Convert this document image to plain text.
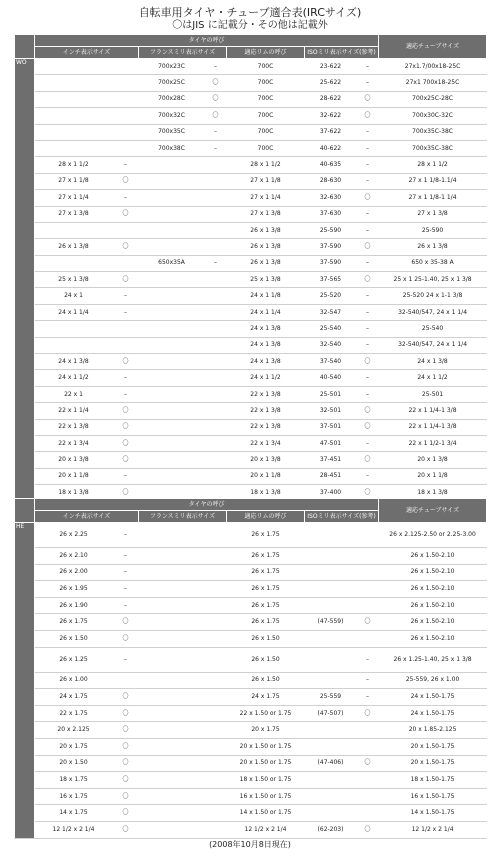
自転車用タイヤ・チューブ適合表(IRCサイズ)
〇はJIS に記載分・その他は記載外
	タイヤの呼び							適応チューブサイズ
	インチ表示サイズ		フランスミリ表示サイズ		適応リムの呼び	ISOミリ表示サイズ(参考)		
WO			700x23C	–	700C	23-622	–	27x1.7/00x18-25C
			700x25C	〇	700C	25-622	–	27x1 700x18-25C
			700x28C	〇	700C	28-622	〇	700x25C-28C
			700x32C	〇	700C	32-622	〇	700x30C-32C
			700x35C	–	700C	37-622	–	700x35C-38C
			700x38C	–	700C	40-622	–	700x35C-38C
	28 x 1 1/2	–			28 x 1 1/2	40-635	–	28 x 1 1/2
	27 x 1 1/8	〇			27 x 1 1/8	28-630	–	27 x 1 1/8-1.1/4
	27 x 1 1/4	–			27 x 1 1/4	32-630	〇	27 x 1 1/8-1 1/4
	27 x 1 3/8	〇			27 x 1 3/8	37-630	–	27 x 1 3/8
					26 x 1 3/8	25-590	–	25-590
	26 x 1 3/8	〇			26 x 1 3/8	37-590	〇	26 x 1 3/8
			650x35A	–	26 x 1 3/8	37-590	–	650 x 35-38 A
	25 x 1 3/8	〇			25 x 1 3/8	37-565	〇	25 x 1 25-1.40, 25 x 1 3/8
	24 x 1	–			24 x 1 1/8	25-520	–	25-520 24 x 1-1 3/8
	24 x 1 1/4	–			24 x 1 1/4	32-547	–	32-540/547, 24 x 1 1/4
					24 x 1 3/8	25-540	–	25-540
					24 x 1 3/8	32-540	–	32-540/547, 24 x 1 1/4
	24 x 1 3/8	〇			24 x 1 3/8	37-540	〇	24 x 1 3/8
	24 x 1 1/2	–			24 x 1 1/2	40-540	–	24 x 1 1/2
	22 x 1	–			22 x 1 3/8	25-501	–	25-501
	22 x 1 1/4	〇			22 x 1 3/8	32-501	〇	22 x 1 1/4-1 3/8
	22 x 1 3/8	〇			22 x 1 3/8	37-501	〇	22 x 1 1/4-1 3/8
	22 x 1 3/4	〇			22 x 1 3/4	47-501	–	22 x 1 1/2-1 3/4
	20 x 1 3/8	〇			20 x 1 3/8	37-451	〇	20 x 1 3/8
	20 x 1 1/8	–			20 x 1 1/8	28-451	–	20 x 1 1/8
	18 x 1 3/8	〇			18 x 1 3/8	37-400	〇	18 x 1 3/8

	タイヤの呼び							適応チューブサイズ
	インチ表示サイズ		フランスミリ表示サイズ		適応リムの呼び	ISOミリ表示サイズ(参考)		
HE	26 x 2.25	–			26 x 1.75			26 x 2.125-2.50 or 2.25-3.00
	26 x 2.10	–			26 x 1.75			26 x 1.50-2.10
	26 x 2.00	–			26 x 1.75			26 x 1.50-2.10
	26 x 1.95	–			26 x 1.75			26 x 1.50-2.10
	26 x 1.90	–			26 x 1.75			26 x 1.50-2.10
	26 x 1.75	〇			26 x 1.75	(47-559)	〇	26 x 1.50-2.10
	26 x 1.50	〇			26 x 1.50			26 x 1.50-2.10
	26 x 1.25	–			26 x 1.50		–	26 x 1.25-1.40, 25 x 1 3/8
	26 x 1.00				26 x 1.50		–	25-559, 26 x 1.00
	24 x 1.75	〇			24 x 1.75	25-559	–	24 x 1.50-1.75
	22 x 1.75	〇			22 x 1.50 or 1.75	(47-507)	〇	24 x 1.50-1.75
	20 x 2.125	〇			20 x 1.75			20 x 1.85-2.125
	20 x 1.75	〇			20 x 1.50 or 1.75			20 x 1.50-1.75
	20 x 1.50	〇			20 x 1.50 or 1.75	(47-406)	〇	20 x 1.50-1.75
	18 x 1.75	〇			18 x 1.50 or 1.75			18 x 1.50-1.75
	16 x 1.75	〇			16 x 1.50 or 1.75			16 x 1.50-1.75
	14 x 1.75	〇			14 x 1.50 or 1.75			14 x 1.50-1.75
	12 1/2 x 2 1/4	〇			12 1/2 x 2 1/4	(62-203)	〇	12 1/2 x 2 1/4
(2008年10月8日現在)
